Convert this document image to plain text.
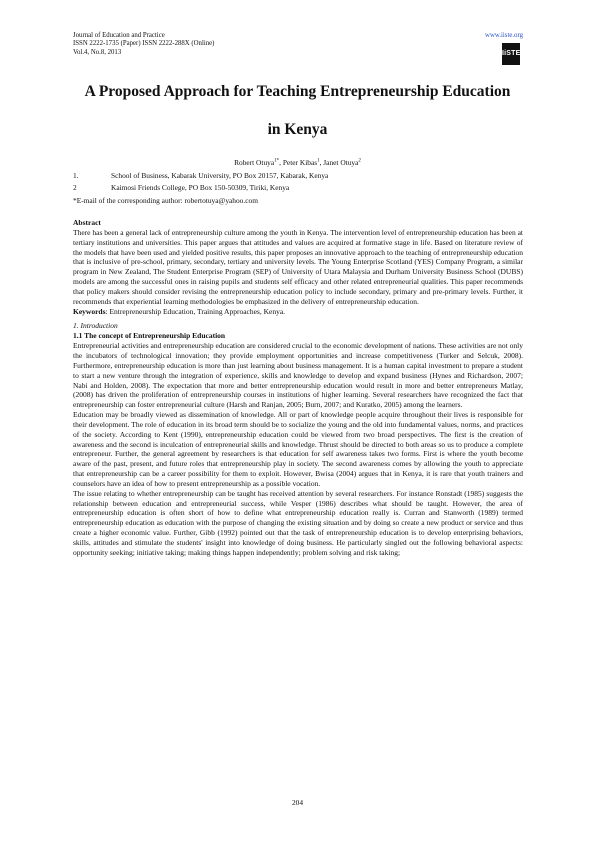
Journal of Education and Practice
ISSN 2222-1735 (Paper) ISSN 2222-288X (Online)
Vol.4, No.8, 2013
www.iiste.org
IiSTE
A Proposed Approach for Teaching Entrepreneurship Education
in Kenya
Robert Otuya$^{1*}$, Peter Kibas$^1$, Janet Otuya$^2$
1.	School of Business, Kabarak University, PO Box 20157, Kabarak, Kenya
2	Kaimosi Friends College, PO Box 150-50309, Tiriki, Kenya
*E-mail of the corresponding author: robertotuya@yahoo.com
Abstract

There has been a general lack of entrepreneurship culture among the youth in Kenya. The intervention level of entrepreneurship education has been at tertiary institutions and universities. This paper argues that attitudes and values are acquired at formative stage in life. Based on literature review of the models that have been used and yielded positive results, this paper proposes an innovative approach to the teaching of entrepreneurship education that is inclusive of pre-school, primary, secondary, tertiary and university levels. The Young Enterprise Scotland (YES) Company Program, a similar program in New Zealand, The Student Enterprise Program (SEP) of University of Utara Malaysia and Durham University Business School (DUBS) models are among the successful ones in raising pupils and students self efficacy and other related entrepreneurial qualities. This paper recommends that policy makers should consider revising the entrepreneurship education policy to include secondary, primary and pre-primary levels. Further, it recommends that experiential learning methodologies be emphasized in the delivery of entrepreneurship education.

Keywords: Entrepreneurship Education, Training Approaches, Kenya.

1. Introduction
1.1 The concept of Entrepreneurship Education

Entrepreneurial activities and entrepreneurship education are considered crucial to the economic development of nations. These activities are not only the incubators of technological innovation; they provide employment opportunities and increase competitiveness (Turker and Selcuk, 2008). Furthermore, entrepreneurship education is more than just learning about business management. It is a human capital investment to prepare a student to start a new venture through the integration of experience, skills and knowledge to develop and expand business (Hynes and Richardson, 2007; Nabi and Holden, 2008). The expectation that more and better entrepreneurship education would result in more and better entrepreneurs Matlay, (2008) has driven the proliferation of entrepreneurship courses in institutions of higher learning. Several researchers have recognized the fact that entrepreneurship can foster entrepreneurial culture (Harsh and Ranjan, 2005; Burn, 2007; and Kuratko, 2005) among the learners.

Education may be broadly viewed as dissemination of knowledge. All or part of knowledge people acquire throughout their lives is responsible for their development. The role of education in its broad term should be to socialize the young and the old into fundamental values, norms, and practices of the society. According to Kent (1990), entrepreneurship education could be viewed from two broad perspectives. The first is the creation of awareness and the second is inculcation of entrepreneurial skills and knowledge. Thrust should be directed to both areas so us to produce a complete entrepreneur. Further, the general agreement by researchers is that education for self awareness takes two forms. First is where the youth become aware of the past, present, and future roles that entrepreneurship play in society. The second awareness comes by allowing the youth to appreciate that entrepreneurship can be a career possibility for them to exploit. However, Bwisa (2004) argues that in Kenya, it is rare that youth trainers and counselors have an idea of how to present entrepreneurship as a possible vocation.

The issue relating to whether entrepreneurship can be taught has received attention by several researchers. For instance Ronstadt (1985) suggests the relationship between education and entrepreneurial success, while Vesper (1986) describes what should be taught. However, the area of entrepreneurship education is often short of how to define what entrepreneurship education really is. Curran and Stanworth (1989) termed entrepreneurship education as education with the purpose of changing the existing situation and by doing so create a new product or service and thus create a higher economic value. Further, Gibb (1992) pointed out that the task of entrepreneurship education is to develop enterprising behaviors, skills, attitudes and stimulate the students' insight into knowledge of doing business. He particularly singled out the following behavioral aspects: opportunity seeking; initiative taking; making things happen independently; problem solving and risk taking;

204
